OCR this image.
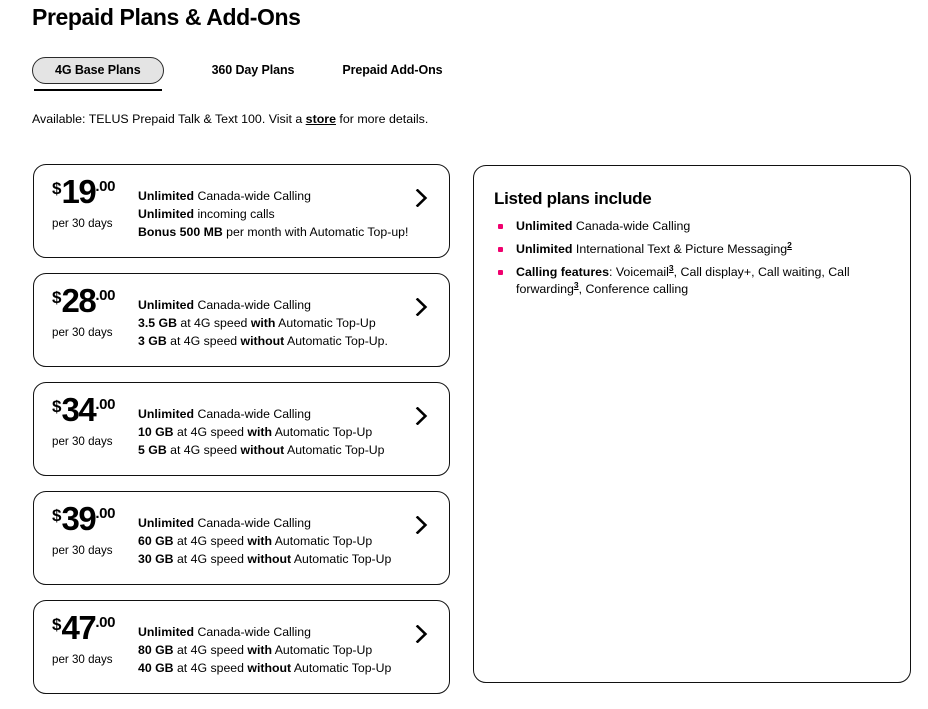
Prepaid Plans & Add-Ons
4G Base Plans	360 Day Plans	Prepaid Add-Ons
Available: TELUS Prepaid Talk & Text 100. Visit a store for more details.
$ 19 .00
per 30 days
Unlimited Canada-wide Calling
Unlimited incoming calls
Bonus 500 MB per month with Automatic Top-up!
$ 28 .00
per 30 days
Unlimited Canada-wide Calling
3.5 GB at 4G speed with Automatic Top-Up
3 GB at 4G speed without Automatic Top-Up.
$ 34 .00
per 30 days
Unlimited Canada-wide Calling
10 GB at 4G speed with Automatic Top-Up
5 GB at 4G speed without Automatic Top-Up
$ 39 .00
per 30 days
Unlimited Canada-wide Calling
60 GB at 4G speed with Automatic Top-Up
30 GB at 4G speed without Automatic Top-Up
$ 47 .00
per 30 days
Unlimited Canada-wide Calling
80 GB at 4G speed with Automatic Top-Up
40 GB at 4G speed without Automatic Top-Up
Listed plans include
Unlimited Canada-wide Calling
Unlimited International Text & Picture Messaging$^2$
Calling features: Voicemail$^3$, Call display+, Call waiting, Call forwarding$^3$, Conference calling
